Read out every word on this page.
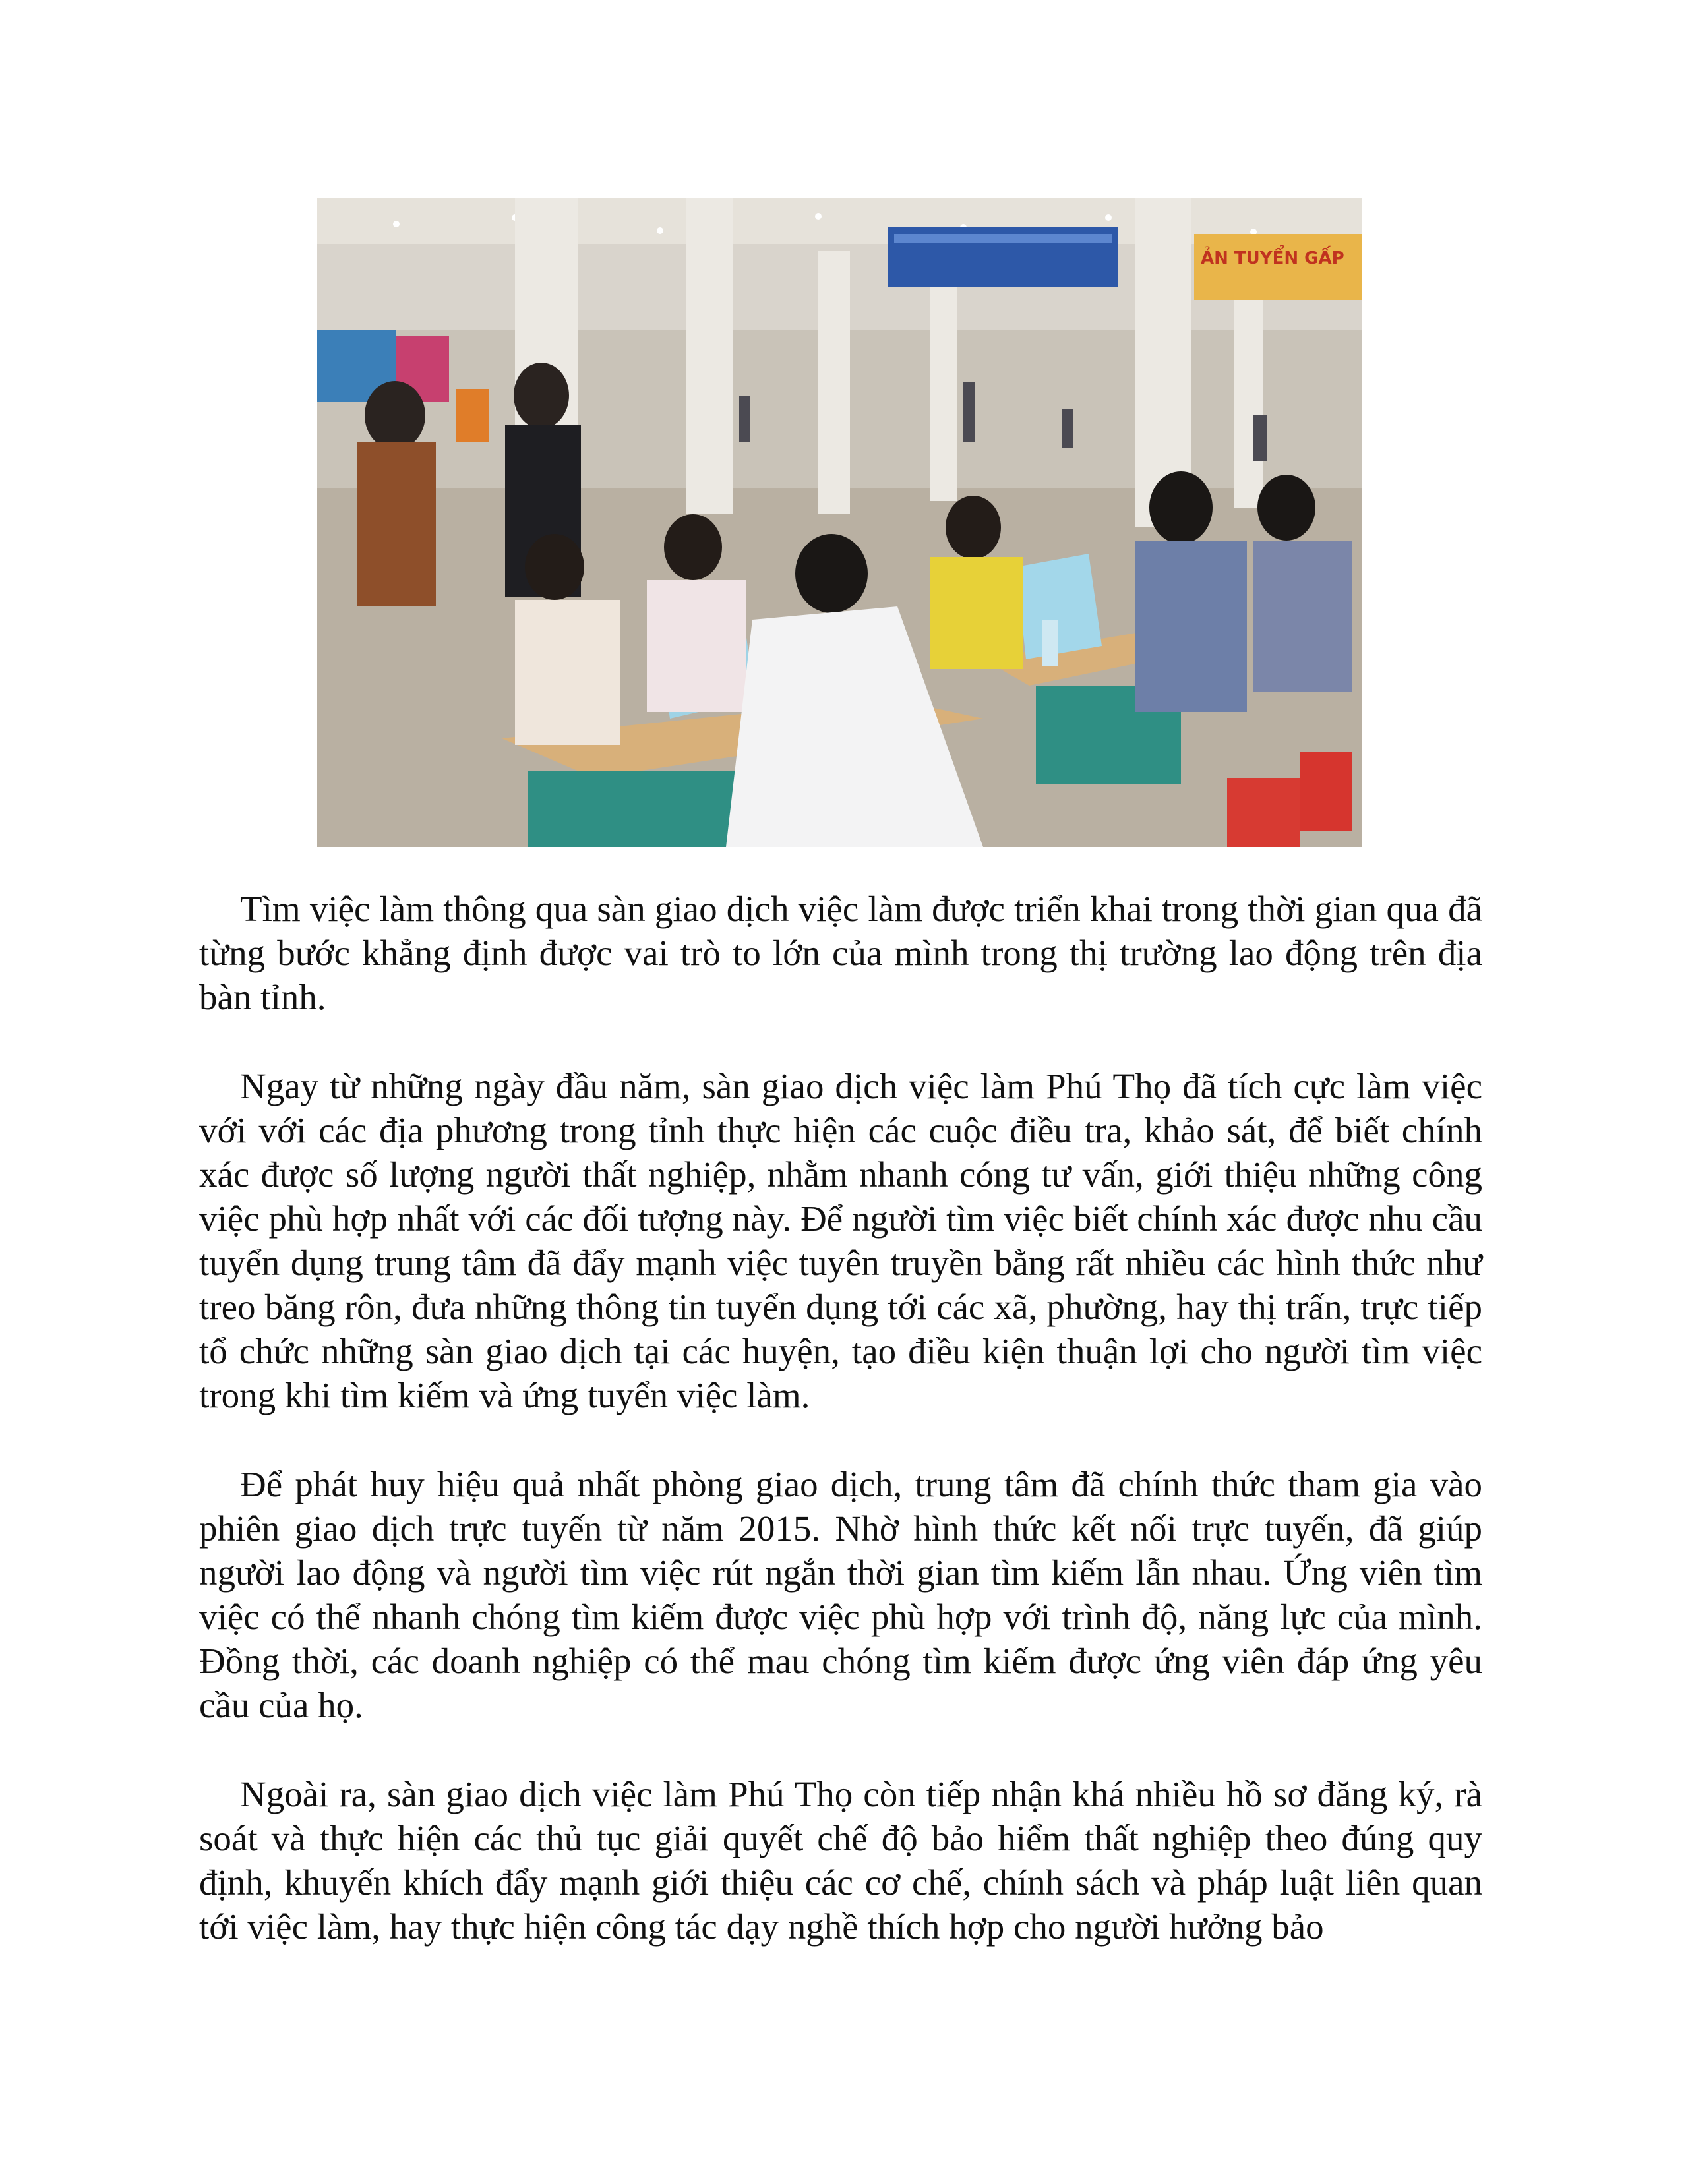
ẢN TUYỂN GẤP

Tìm việc làm thông qua sàn giao dịch việc làm được triển khai trong thời gian qua đã từng bước khẳng định được vai trò to lớn của mình trong thị trường lao động trên địa bàn tỉnh.

Ngay từ những ngày đầu năm, sàn giao dịch việc làm Phú Thọ đã tích cực làm việc với với các địa phương trong tỉnh thực hiện các cuộc điều tra, khảo sát, để biết chính xác được số lượng người thất nghiệp, nhằm nhanh cóng tư vấn, giới thiệu những công việc phù hợp nhất với các đối tượng này. Để người tìm việc biết chính xác được nhu cầu tuyển dụng trung tâm đã đẩy mạnh việc tuyên truyền bằng rất nhiều các hình thức như treo băng rôn, đưa những thông tin tuyển dụng tới các xã, phường, hay thị trấn, trực tiếp tổ chức những sàn giao dịch tại các huyện, tạo điều kiện thuận lợi cho người tìm việc trong khi tìm kiếm và ứng tuyển việc làm.

Để phát huy hiệu quả nhất phòng giao dịch, trung tâm đã chính thức tham gia vào phiên giao dịch trực tuyến từ năm 2015. Nhờ hình thức kết nối trực tuyến, đã giúp người lao động và người tìm việc rút ngắn thời gian tìm kiếm lẫn nhau. Ứng viên tìm việc có thể nhanh chóng tìm kiếm được việc phù hợp với trình độ, năng lực của mình. Đồng thời, các doanh nghiệp có thể mau chóng tìm kiếm được ứng viên đáp ứng yêu cầu của họ.

Ngoài ra, sàn giao dịch việc làm Phú Thọ còn tiếp nhận khá nhiều hồ sơ đăng ký, rà soát và thực hiện các thủ tục giải quyết chế độ bảo hiểm thất nghiệp theo đúng quy định, khuyến khích đẩy mạnh giới thiệu các cơ chế, chính sách và pháp luật liên quan tới việc làm, hay thực hiện công tác dạy nghề thích hợp cho người hưởng bảo
